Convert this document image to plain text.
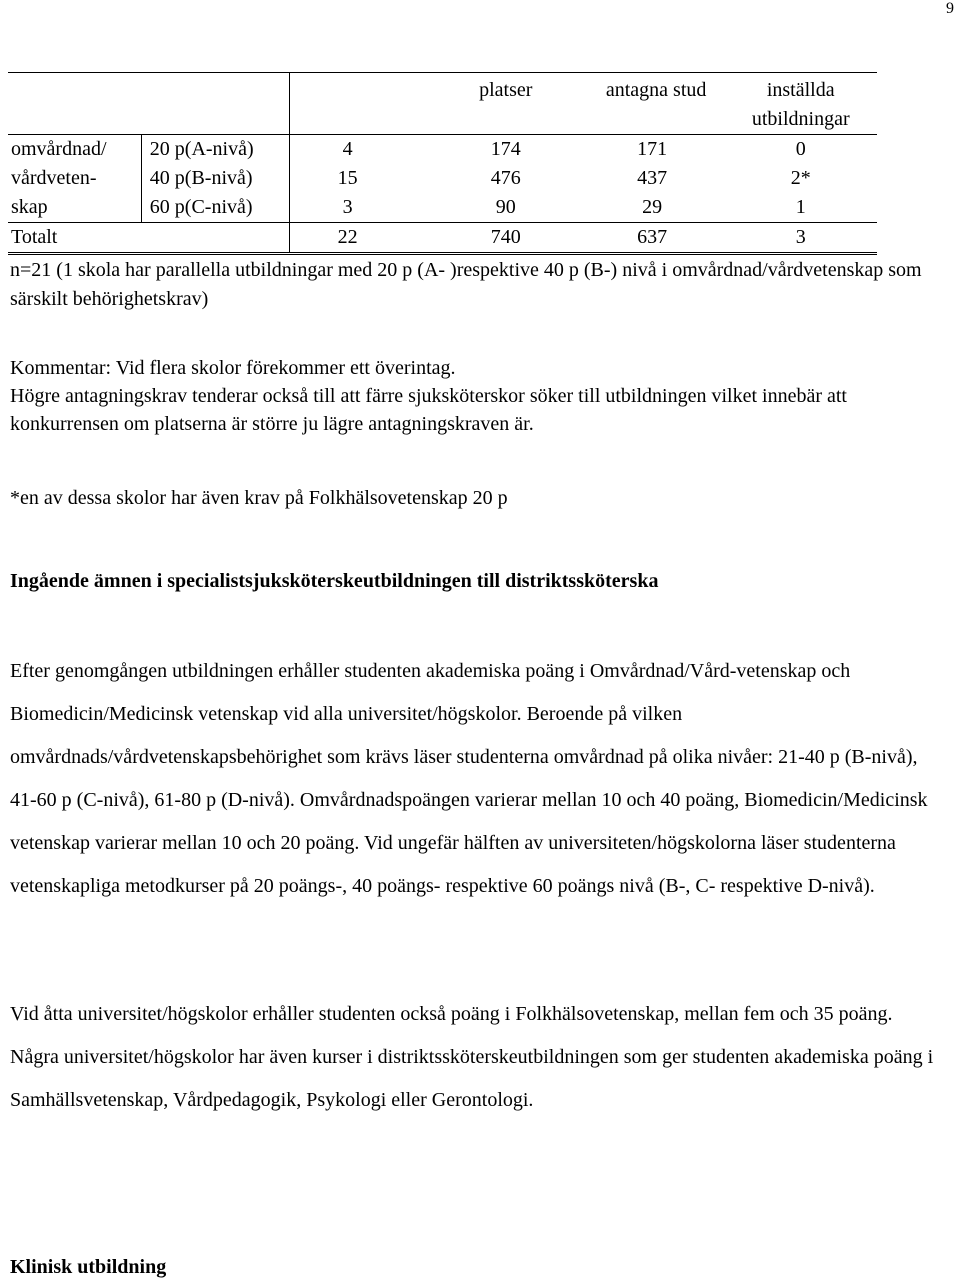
9
			platser	antagna stud	inställda utbildningar
omvårdnad/	20 p(A-nivå)	4	174	171	0
vårdveten-	40 p(B-nivå)	15	476	437	2*
skap	60 p(C-nivå)	3	90	29	1
Totalt		22	740	637	3
n=21 (1 skola har parallella utbildningar med 20 p (A- )respektive 40 p (B-) nivå i omvårdnad/vårdvetenskap som särskilt behörighetskrav)
Kommentar: Vid flera skolor förekommer ett överintag.
Högre antagningskrav tenderar också till att färre sjuksköterskor söker till utbildningen vilket innebär att konkurrensen om platserna är större ju lägre antagningskraven är.
*en av dessa skolor har även krav på Folkhälsovetenskap 20 p
Ingående ämnen i specialistsjuksköterskeutbildningen till distriktssköterska
Efter genomgången utbildningen erhåller studenten akademiska poäng i Omvårdnad/Vård-vetenskap och Biomedicin/Medicinsk vetenskap vid alla universitet/högskolor. Beroende på vilken omvårdnads/vårdvetenskapsbehörighet som krävs läser studenterna omvårdnad på olika nivåer: 21-40 p (B-nivå), 41-60 p (C-nivå), 61-80 p (D-nivå). Omvårdnadspoängen varierar mellan 10 och 40 poäng, Biomedicin/Medicinsk vetenskap varierar mellan 10 och 20 poäng. Vid ungefär hälften av universiteten/högskolorna läser studenterna vetenskapliga metodkurser på 20 poängs-, 40 poängs- respektive 60 poängs nivå (B-, C- respektive D-nivå).
Vid åtta universitet/högskolor erhåller studenten också poäng i Folkhälsovetenskap, mellan fem och 35 poäng. Några universitet/högskolor har även kurser i distriktssköterskeutbildningen som ger studenten akademiska poäng i Samhällsvetenskap, Vårdpedagogik, Psykologi eller Gerontologi.
Klinisk utbildning
